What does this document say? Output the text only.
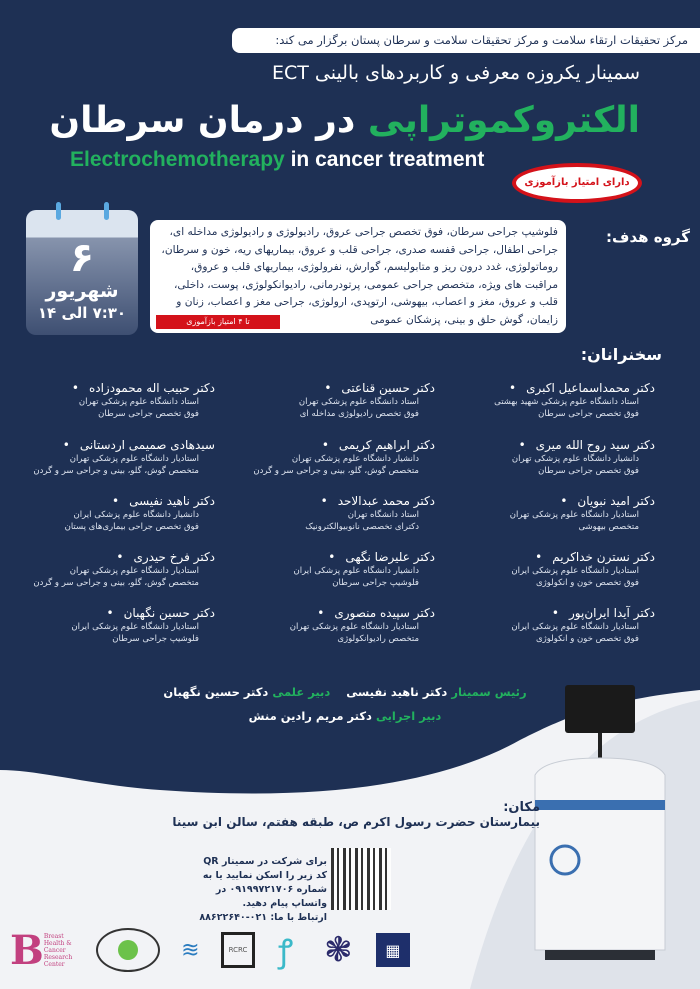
مرکز تحقیقات ارتقاء سلامت و مرکز تحقیقات سلامت و سرطان پستان برگزار می کند:
سمینار یکروزه معرفی و کاربردهای بالینی ECT
الکتروکموتراپی در درمان سرطان
Electrochemotherapy in cancer treatment
دارای امتیاز بازآموزی
۶
شهریور
۷:۳۰ الی ۱۴
گروه هدف:
فلوشیپ جراحی سرطان، فوق تخصص جراحی عروق، رادیولوژی و رادیولوژی مداخله ای، جراحی اطفال، جراحی قفسه صدری، جراحی قلب و عروق، بیماریهای ریه، خون و سرطان، روماتولوژی، غدد درون ریز و متابولیسم، گوارش، نفرولوژی، بیماریهای قلب و عروق، مراقبت های ویژه، متخصص جراحی عمومی، پرتودرمانی، رادیوانکولوژی، پوست، داخلی، قلب و عروق، مغز و اعصاب، بیهوشی، ارتوپدی، ارولوژی، جراحی مغز و اعصاب، زنان و زایمان، گوش حلق و بینی، پزشکان عمومی
تا ۴ امتیاز بازآموزی
سخنرانان:
دکتر محمداسماعیل اکبری •
استاد دانشگاه علوم پزشکی شهید بهشتی
فوق تخصص جراحی سرطان
دکتر سید روح الله میری •
دانشیار دانشگاه علوم پزشکی تهران
فوق تخصص جراحی سرطان
دکتر امید نبویان •
استادیار دانشگاه علوم پزشکی تهران
متخصص بیهوشی
دکتر نسترن خداکریم •
استادیار دانشگاه علوم پزشکی ایران
فوق تخصص خون و انکولوژی
دکتر آیدا ایران‌پور •
استادیار دانشگاه علوم پزشکی ایران
فوق تخصص خون و انکولوژی
دکتر حسین قناعتی •
استاد دانشگاه علوم پزشکی تهران
فوق تخصص رادیولوژی مداخله ای
دکتر ابراهیم کریمی •
دانشیار دانشگاه علوم پزشکی تهران
متخصص گوش، گلو، بینی و جراحی سر و گردن
دکتر محمد عبدالاحد •
استاد دانشگاه تهران
دکترای تخصصی نانوبیوالکترونیک
دکتر علیرضا نگهی •
دانشیار دانشگاه علوم پزشکی ایران
فلوشیپ جراحی سرطان
دکتر سپیده منصوری •
استادیار دانشگاه علوم پزشکی تهران
متخصص رادیوانکولوژی
دکتر حبیب اله محمودزاده •
استاد دانشگاه علوم پزشکی تهران
فوق تخصص جراحی سرطان
سیدهادی صمیمی اردستانی •
استادیار دانشگاه علوم پزشکی تهران
متخصص گوش، گلو، بینی و جراحی سر و گردن
دکتر ناهید نفیسی •
دانشیار دانشگاه علوم پزشکی ایران
فوق تخصص جراحی بیماری‌های پستان
دکتر فرخ حیدری •
استادیار دانشگاه علوم پزشکی تهران
متخصص گوش، گلو، بینی و جراحی سر و گردن
دکتر حسین نگهبان •
استادیار دانشگاه علوم پزشکی ایران
فلوشیپ جراحی سرطان
رئیس سمینار دکتر ناهید نفیسی    دبیر علمی دکتر حسین نگهبان
دبیر اجرایی دکتر مریم رادین منش
مکان:
بیمارستان حضرت رسول اکرم ص، طبقه هفتم، سالن ابن سینا
برای شرکت در سمینار QR کد زیر را اسکن نمایید یا به شماره ۰۹۱۹۹۷۲۱۷۰۶ در واتساپ پیام دهید.
ارتباط با ما: ۰۲۱-۸۸۶۲۲۶۴۰
B Breast Health & Cancer Research Center
≋	RCRC ꝭ ❃	▦
